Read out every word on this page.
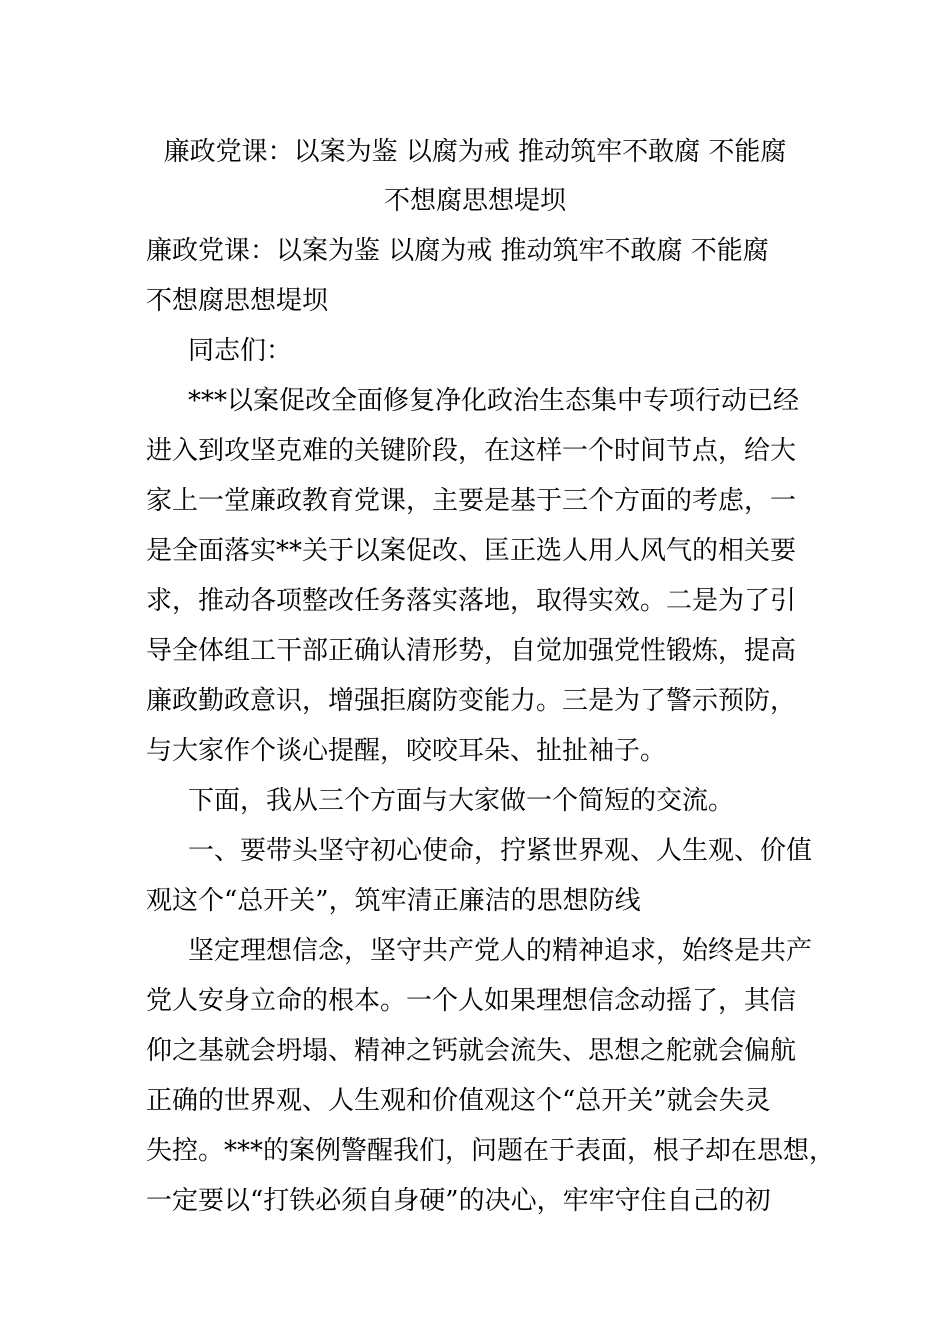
廉政党课：以案为鉴 以腐为戒 推动筑牢不敢腐 不能腐
不想腐思想堤坝
廉政党课：以案为鉴 以腐为戒 推动筑牢不敢腐 不能腐
不想腐思想堤坝
同志们：
***以案促改全面修复净化政治生态集中专项行动已经
进入到攻坚克难的关键阶段，在这样一个时间节点，给大
家上一堂廉政教育党课，主要是基于三个方面的考虑，一
是全面落实**关于以案促改、匡正选人用人风气的相关要
求，推动各项整改任务落实落地，取得实效。二是为了引
导全体组工干部正确认清形势，自觉加强党性锻炼，提高
廉政勤政意识，增强拒腐防变能力。三是为了警示预防，
与大家作个谈心提醒，咬咬耳朵、扯扯袖子。
下面，我从三个方面与大家做一个简短的交流。
一、要带头坚守初心使命，拧紧世界观、人生观、价值
观这个“总开关”，筑牢清正廉洁的思想防线
坚定理想信念，坚守共产党人的精神追求，始终是共产
党人安身立命的根本。一个人如果理想信念动摇了，其信
仰之基就会坍塌、精神之钙就会流失、思想之舵就会偏航
正确的世界观、人生观和价值观这个“总开关”就会失灵
失控。***的案例警醒我们，问题在于表面，根子却在思想，
一定要以“打铁必须自身硬”的决心，牢牢守住自己的初
